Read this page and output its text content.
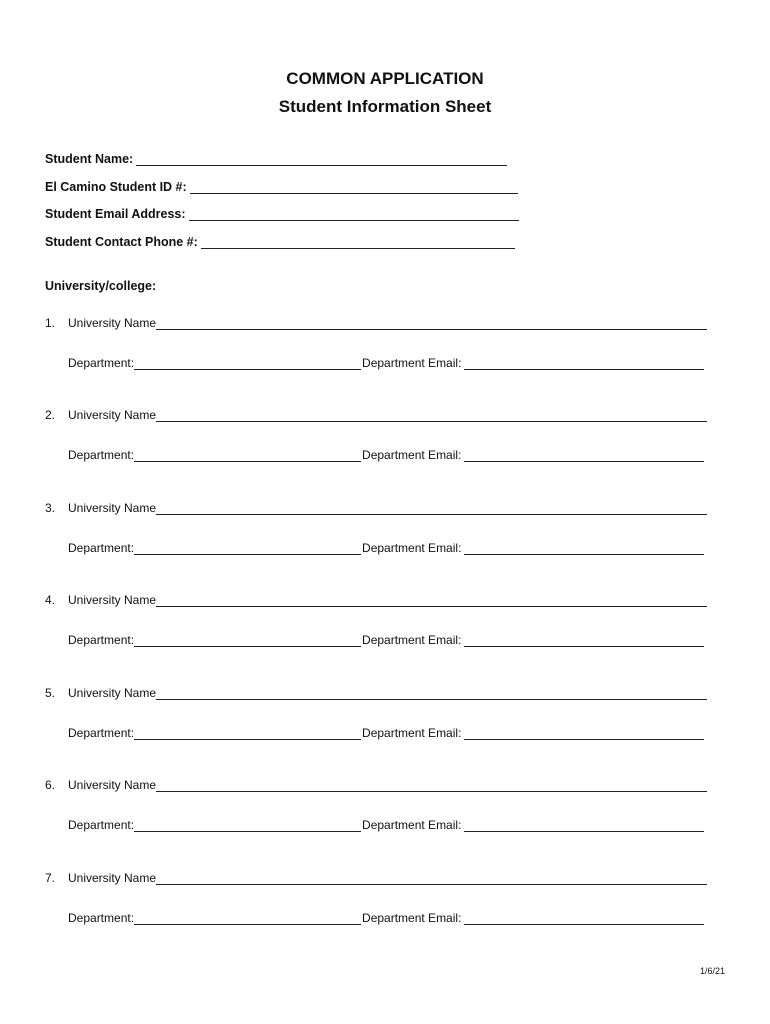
COMMON APPLICATION
Student Information Sheet
Student Name:
El Camino Student ID #:
Student Email Address:
Student Contact Phone #:
University/college:
1.	University Name
Department:	Department Email:
2.	University Name
Department:	Department Email:
3.	University Name
Department:	Department Email:
4.	University Name
Department:	Department Email:
5.	University Name
Department:	Department Email:
6.	University Name
Department:	Department Email:
7.	University Name
Department:	Department Email:
1/6/21
